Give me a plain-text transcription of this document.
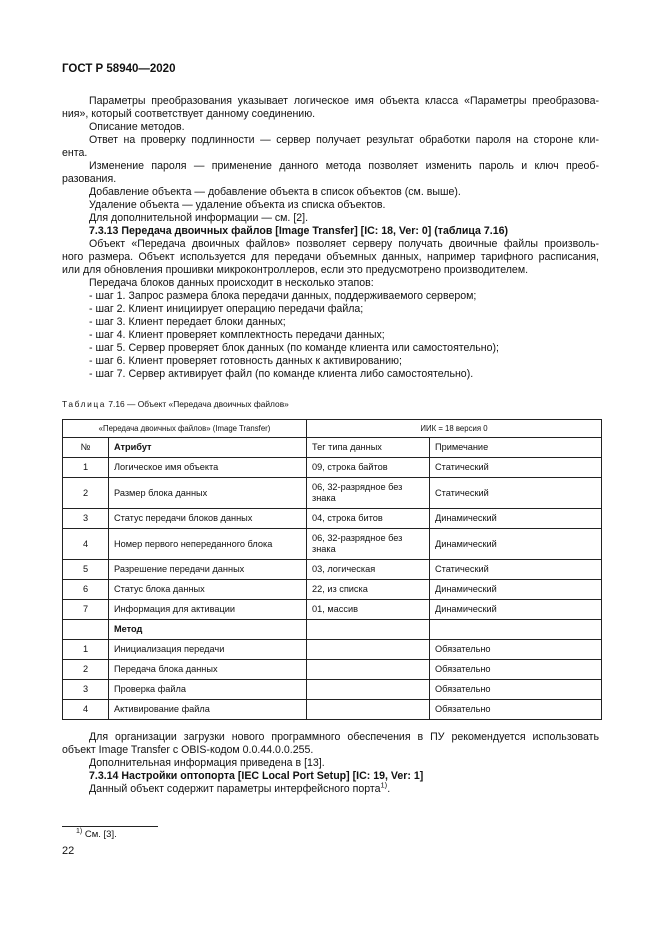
ГОСТ Р 58940—2020
Параметры преобразования указывает логическое имя объекта класса «Параметры преобразова-
ния», который соответствует данному соединению.
Описание методов.
Ответ на проверку подлинности — сервер получает результат обработки пароля на стороне кли-
ента.
Изменение пароля — применение данного метода позволяет изменить пароль и ключ преоб-
разования.
Добавление объекта — добавление объекта в список объектов (см. выше).
Удаление объекта — удаление объекта из списка объектов.
Для дополнительной информации — см. [2].
7.3.13 Передача двоичных файлов [Image Transfer] [IC: 18, Ver: 0] (таблица 7.16)
Объект «Передача двоичных файлов» позволяет серверу получать двоичные файлы произволь-
ного размера. Объект используется для передачи объемных данных, например тарифного расписания,
или для обновления прошивки микроконтроллеров, если это предусмотрено производителем.
Передача блоков данных происходит в несколько этапов:
- шаг 1. Запрос размера блока передачи данных, поддерживаемого сервером;
- шаг 2. Клиент инициирует операцию передачи файла;
- шаг 3. Клиент передает блоки данных;
- шаг 4. Клиент проверяет комплектность передачи данных;
- шаг 5. Сервер проверяет блок данных (по команде клиента или самостоятельно);
- шаг 6. Клиент проверяет готовность данных к активированию;
- шаг 7. Сервер активирует файл (по команде клиента либо самостоятельно).
Таблица 7.16 — Объект «Передача двоичных файлов»
«Передача двоичных файлов» (Image Transfer)		ИИК = 18 версия 0	
№	Атрибут	Тег типа данных	Примечание
1	Логическое имя объекта	09, строка байтов	Статический
2	Размер блока данных	06, 32-разрядное без знака	Статический
3	Статус передачи блоков данных	04, строка битов	Динамический
4	Номер первого непереданного блока	06, 32-разрядное без знака	Динамический
5	Разрешение передачи данных	03, логическая	Статический
6	Статус блока данных	22, из списка	Динамический
7	Информация для активации	01, массив	Динамический
	Метод		
1	Инициализация передачи		Обязательно
2	Передача блока данных		Обязательно
3	Проверка файла		Обязательно
4	Активирование файла		Обязательно
Для организации загрузки нового программного обеспечения в ПУ рекомендуется использовать
объект Image Transfer с OBIS-кодом 0.0.44.0.0.255.
Дополнительная информация приведена в [13].
7.3.14 Настройки оптопорта [IEC Local Port Setup] [IC: 19, Ver: 1]
Данный объект содержит параметры интерфейсного порта$^{1)}$.
$^{1)}$ См. [3].
22
